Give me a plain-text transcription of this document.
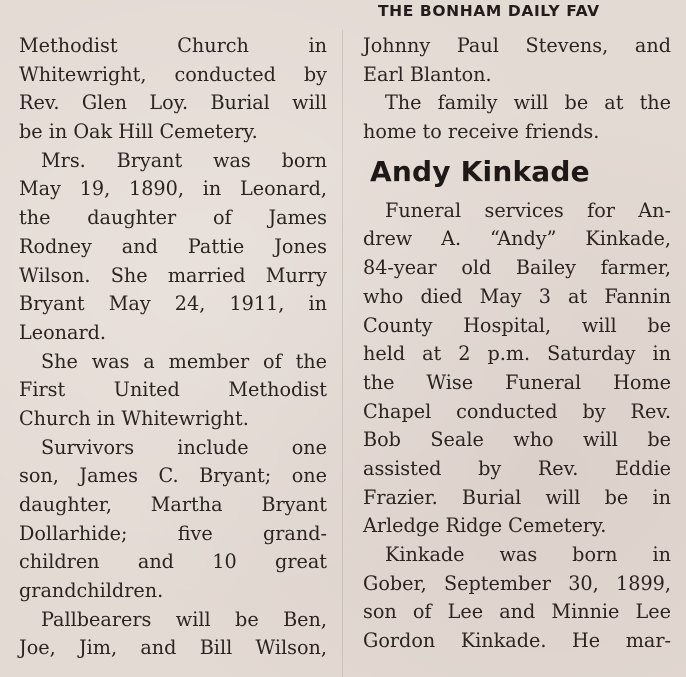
THE BONHAM DAILY FAV
Methodist Church in
Whitewright, conducted by
Rev. Glen Loy. Burial will
be in Oak Hill Cemetery.
Mrs. Bryant was born
May 19, 1890, in Leonard,
the daughter of James
Rodney and Pattie Jones
Wilson. She married Murry
Bryant May 24, 1911, in
Leonard.
She was a member of the
First United Methodist
Church in Whitewright.
Survivors include one
son, James C. Bryant; one
daughter, Martha Bryant
Dollarhide; five grand-
children and 10 great
grandchildren.
Pallbearers will be Ben,
Joe, Jim, and Bill Wilson,
Johnny Paul Stevens, and
Earl Blanton.
The family will be at the
home to receive friends.
Andy Kinkade
Funeral services for An-
drew A. “Andy” Kinkade,
84-year old Bailey farmer,
who died May 3 at Fannin
County Hospital, will be
held at 2 p.m. Saturday in
the Wise Funeral Home
Chapel conducted by Rev.
Bob Seale who will be
assisted by Rev. Eddie
Frazier. Burial will be in
Arledge Ridge Cemetery.
Kinkade was born in
Gober, September 30, 1899,
son of Lee and Minnie Lee
Gordon Kinkade. He mar-
